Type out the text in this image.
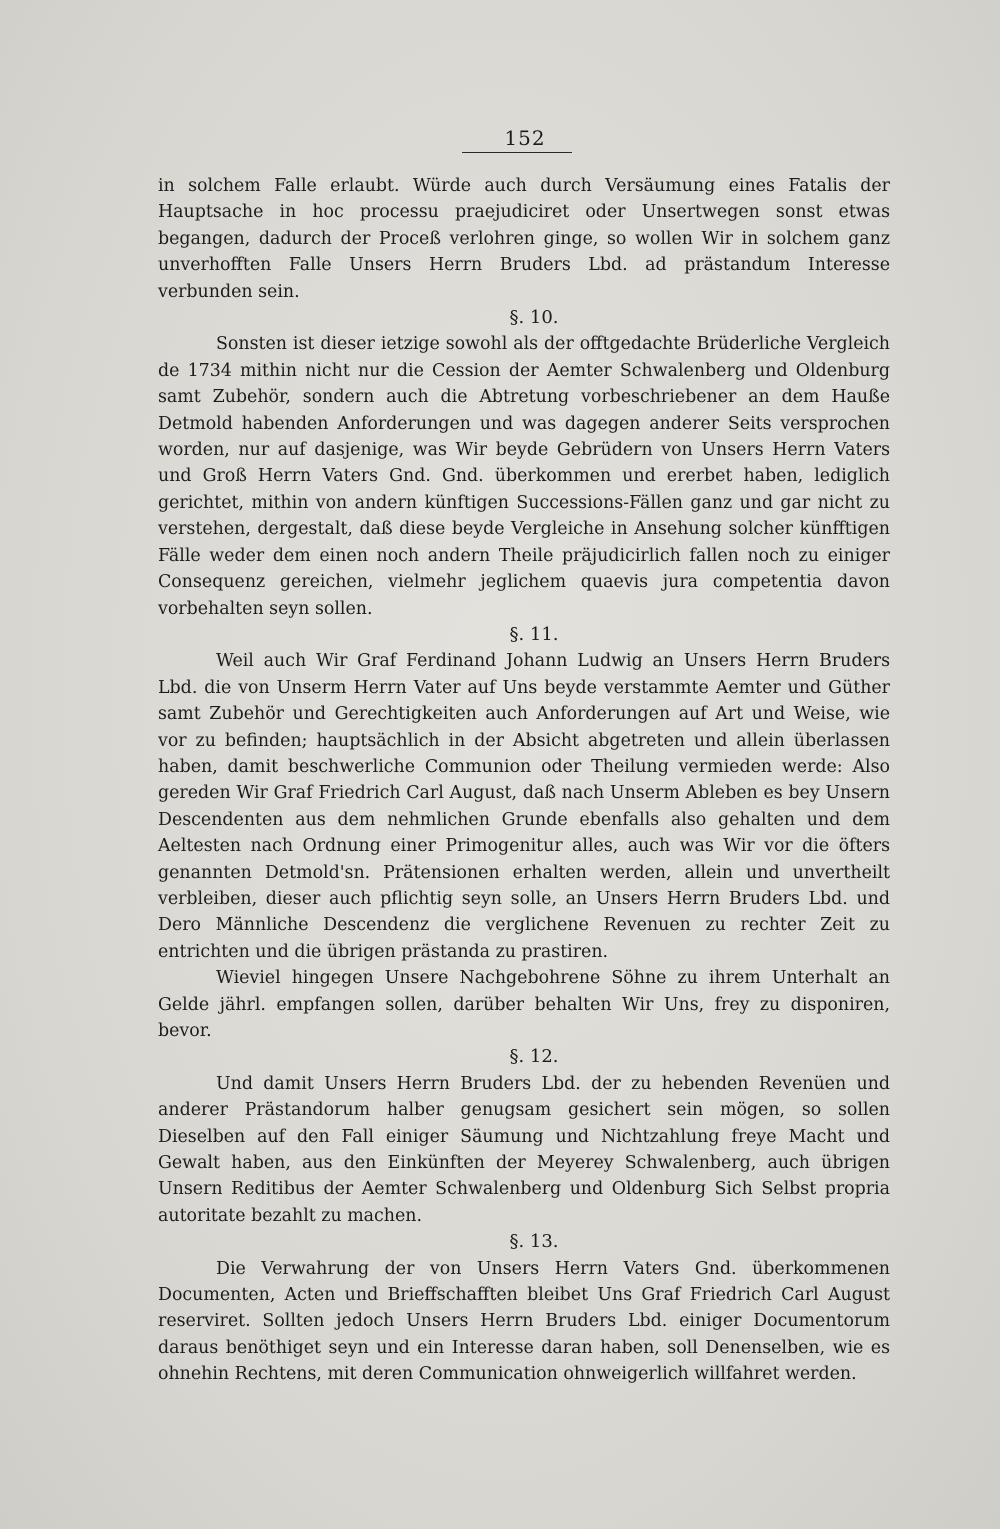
152

in solchem Falle erlaubt. Würde auch durch Versäumung eines Fatalis der Hauptsache in hoc processu praejudiciret oder Unsertwegen sonst etwas begangen, dadurch der Proceß verlohren ginge, so wollen Wir in solchem ganz unverhofften Falle Unsers Herrn Bruders Lbd. ad prästandum Interesse verbunden sein.

§. 10.

Sonsten ist dieser ietzige sowohl als der offtgedachte Brüderliche Vergleich de 1734 mithin nicht nur die Cession der Aemter Schwalenberg und Oldenburg samt Zubehör, sondern auch die Abtretung vorbeschriebener an dem Hauße Detmold habenden Anforderungen und was dagegen anderer Seits versprochen worden, nur auf dasjenige, was Wir beyde Gebrüdern von Unsers Herrn Vaters und Groß Herrn Vaters Gnd. Gnd. überkommen und ererbet haben, lediglich gerichtet, mithin von andern künftigen Successions-Fällen ganz und gar nicht zu verstehen, dergestalt, daß diese beyde Vergleiche in Ansehung solcher künfftigen Fälle weder dem einen noch andern Theile präjudicirlich fallen noch zu einiger Consequenz gereichen, vielmehr jeglichem quaevis jura competentia davon vorbehalten seyn sollen.

§. 11.

Weil auch Wir Graf Ferdinand Johann Ludwig an Unsers Herrn Bruders Lbd. die von Unserm Herrn Vater auf Uns beyde verstammte Aemter und Güther samt Zubehör und Gerechtigkeiten auch Anforderungen auf Art und Weise, wie vor zu befinden; hauptsächlich in der Absicht abgetreten und allein überlassen haben, damit beschwerliche Communion oder Theilung vermieden werde: Also gereden Wir Graf Friedrich Carl August, daß nach Unserm Ableben es bey Unsern Descendenten aus dem nehmlichen Grunde ebenfalls also gehalten und dem Aeltesten nach Ordnung einer Primogenitur alles, auch was Wir vor die öfters genannten Detmold'sn. Prätensionen erhalten werden, allein und unvertheilt verbleiben, dieser auch pflichtig seyn solle, an Unsers Herrn Bruders Lbd. und Dero Männliche Descendenz die verglichene Revenuen zu rechter Zeit zu entrichten und die übrigen prästanda zu prastiren.

Wieviel hingegen Unsere Nachgebohrene Söhne zu ihrem Unterhalt an Gelde jährl. empfangen sollen, darüber behalten Wir Uns, frey zu disponiren, bevor.

§. 12.

Und damit Unsers Herrn Bruders Lbd. der zu hebenden Revenüen und anderer Prästandorum halber genugsam gesichert sein mögen, so sollen Dieselben auf den Fall einiger Säumung und Nichtzahlung freye Macht und Gewalt haben, aus den Einkünften der Meyerey Schwalenberg, auch übrigen Unsern Reditibus der Aemter Schwalenberg und Oldenburg Sich Selbst propria autoritate bezahlt zu machen.

§. 13.

Die Verwahrung der von Unsers Herrn Vaters Gnd. überkommenen Documenten, Acten und Brieffschafften bleibet Uns Graf Friedrich Carl August reserviret. Sollten jedoch Unsers Herrn Bruders Lbd. einiger Documentorum daraus benöthiget seyn und ein Interesse daran haben, soll Denenselben, wie es ohnehin Rechtens, mit deren Communication ohnweigerlich willfahret werden.
